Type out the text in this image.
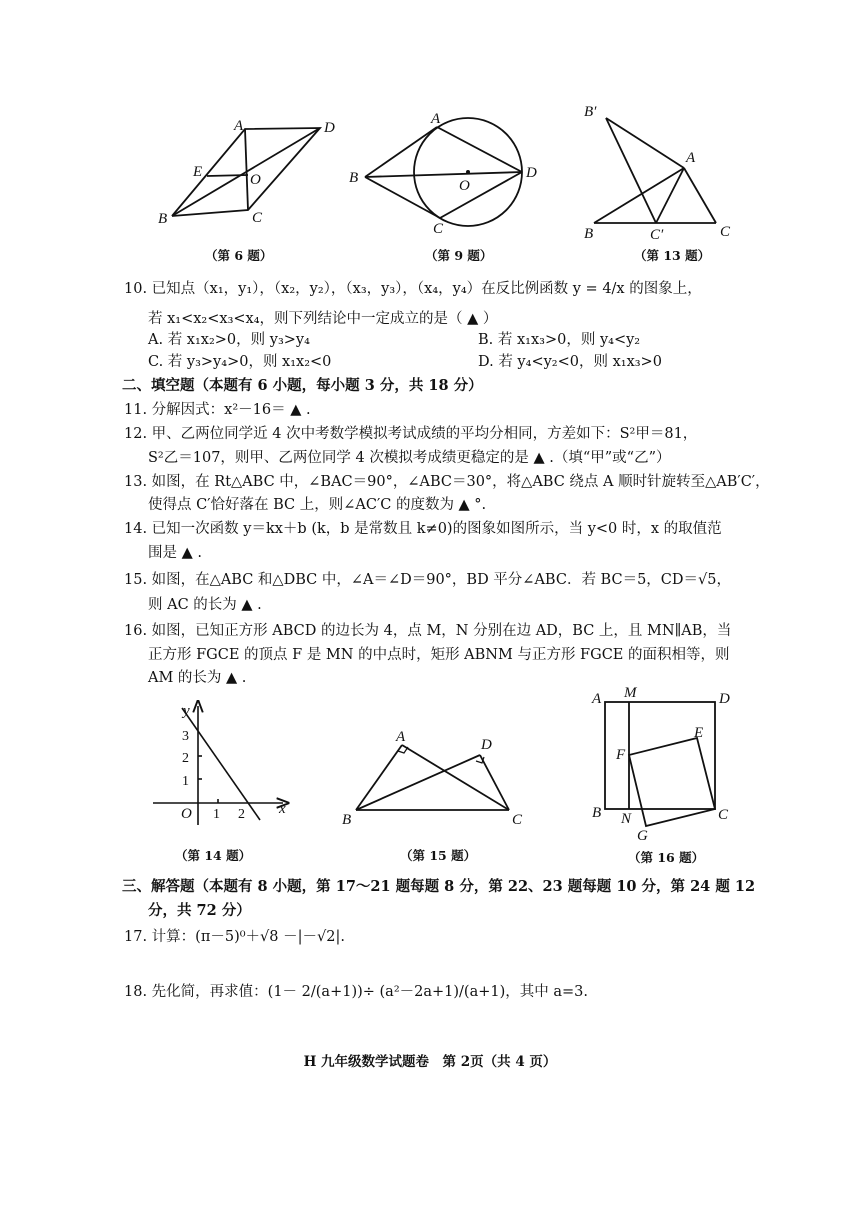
A	D
E	O
B	C
（第 6 题）
A
B	O
D
C
（第 9 题）
B′
A
B	C′	C
（第 13 题）
10. 已知点（x₁，y₁），（x₂，y₂），（x₃，y₃），（x₄，y₄）在反比例函数 y = 4/x 的图象上，
若 x₁<x₂<x₃<x₄，则下列结论中一定成立的是（ ▲ ）
A. 若 x₁x₂>0，则 y₃>y₄	B. 若 x₁x₃>0，则 y₄<y₂
C. 若 y₃>y₄>0，则 x₁x₂<0	D. 若 y₄<y₂<0，则 x₁x₃>0
二、填空题（本题有 6 小题，每小题 3 分，共 18 分）
11. 分解因式：x²－16＝ ▲ .
12. 甲、乙两位同学近 4 次中考数学模拟考试成绩的平均分相同，方差如下：S²甲＝81，
S²乙＝107，则甲、乙两位同学 4 次模拟考成绩更稳定的是 ▲ .（填“甲”或“乙”）
13. 如图，在 Rt△ABC 中，∠BAC＝90°，∠ABC＝30°，将△ABC 绕点 A 顺时针旋转至△AB′C′，
使得点 C′恰好落在 BC 上，则∠AC′C 的度数为 ▲ °.
14. 已知一次函数 y＝kx＋b (k，b 是常数且 k≠0)的图象如图所示，当 y<0 时，x 的取值范
围是 ▲ .
15. 如图，在△ABC 和△DBC 中，∠A＝∠D＝90°，BD 平分∠ABC．若 BC＝5，CD＝√5，
则 AC 的长为 ▲ .
16. 如图，已知正方形 ABCD 的边长为 4，点 M，N 分别在边 AD，BC 上，且 MN∥AB，当
正方形 FGCE 的顶点 F 是 MN 的中点时，矩形 ABNM 与正方形 FGCE 的面积相等，则
AM 的长为 ▲ .
y
3
2
1
O 1 2 x
（第 14 题）
A	D
B	C
（第 15 题）
A M	D
E
F
B N	C
G
（第 16 题）
三、解答题（本题有 8 小题，第 17～21 题每题 8 分，第 22、23 题每题 10 分，第 24 题 12
分，共 72 分）
17. 计算：(π－5)⁰＋√8 －|－√2|.
18. 先化简，再求值：(1－ 2/(a+1))÷ (a²－2a+1)/(a+1)，其中 a=3.
H 九年级数学试题卷　第 2页（共 4 页）
